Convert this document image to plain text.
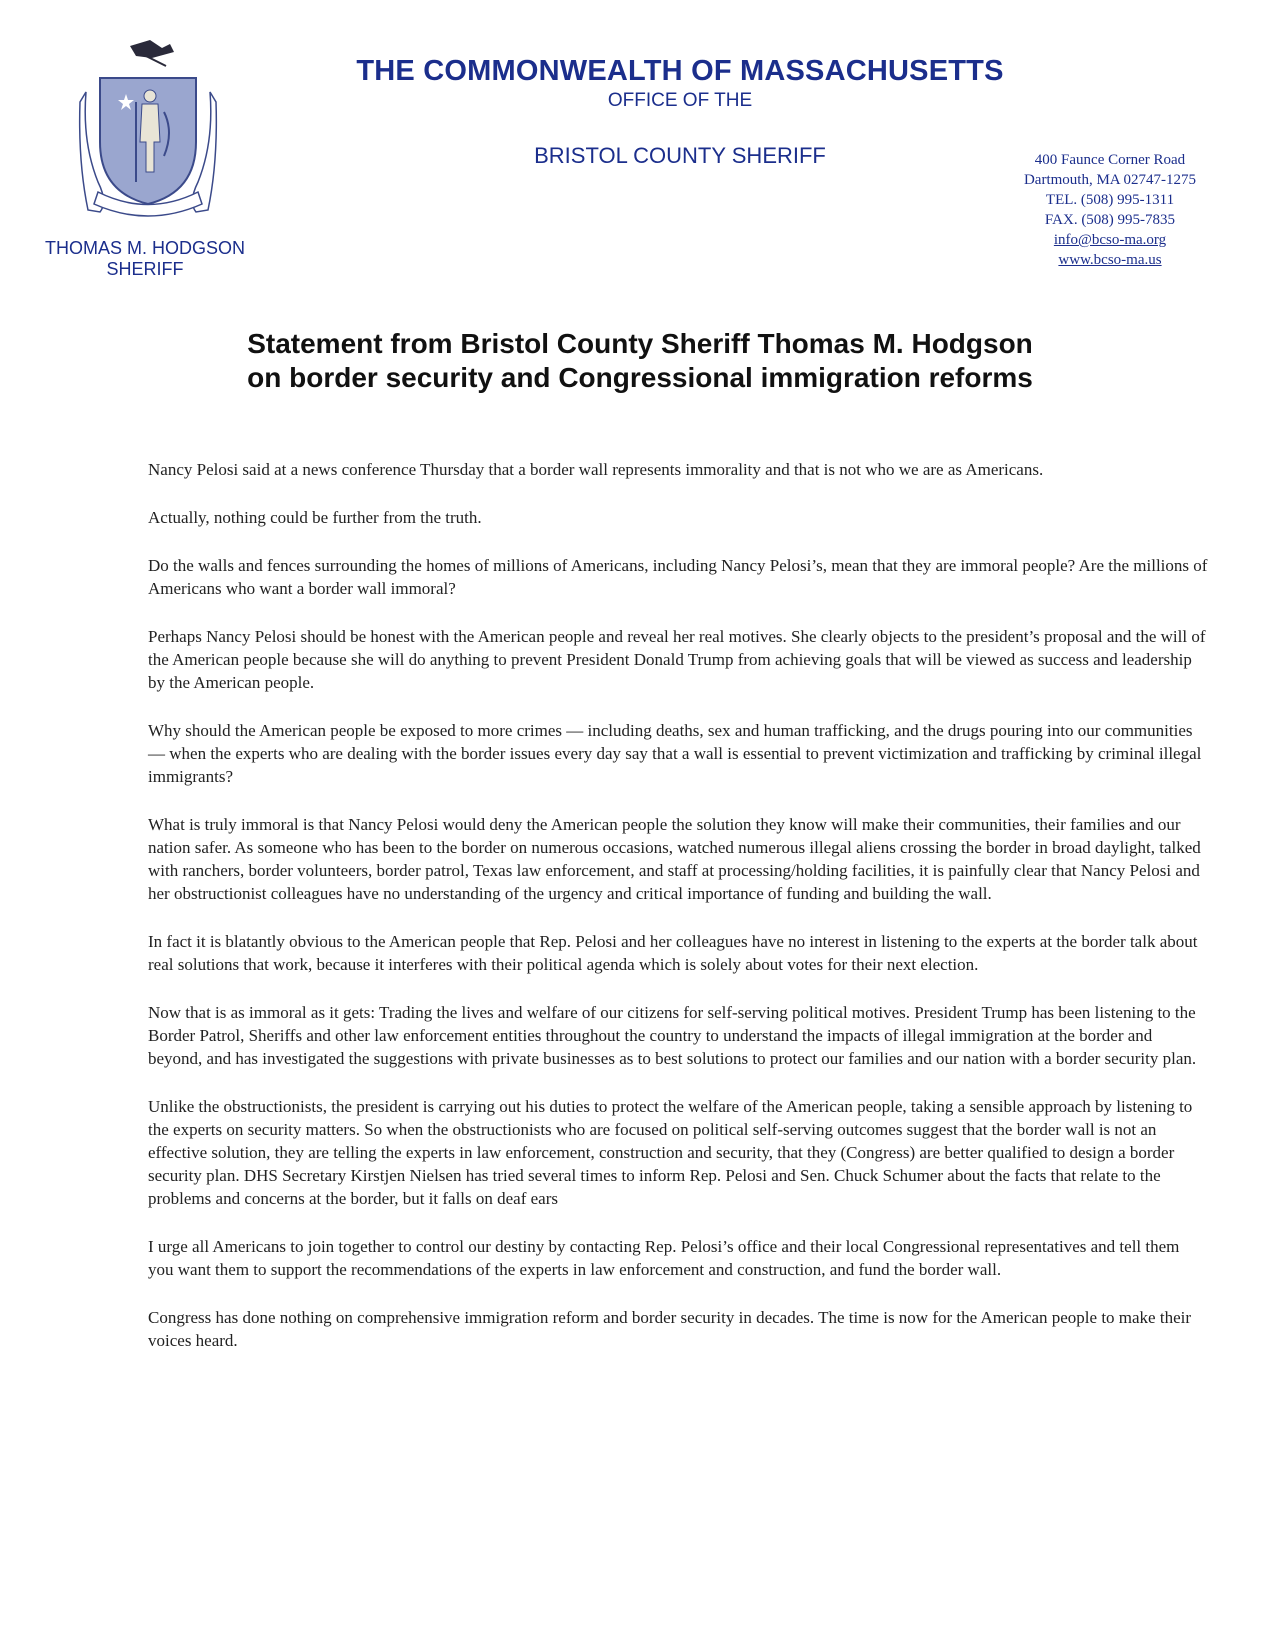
THOMAS M. HODGSON
SHERIFF
THE COMMONWEALTH OF MASSACHUSETTS
OFFICE OF THE
BRISTOL COUNTY SHERIFF	400 Faunce Corner Road
Dartmouth, MA 02747-1275
TEL. (508) 995-1311
FAX. (508) 995-7835
info@bcso-ma.org
www.bcso-ma.us
Statement from Bristol County Sheriff Thomas M. Hodgson
on border security and Congressional immigration reforms

Nancy Pelosi said at a news conference Thursday that a border wall represents immorality and that is not who we are as Americans.

Actually, nothing could be further from the truth.

Do the walls and fences surrounding the homes of millions of Americans, including Nancy Pelosi’s, mean that they are immoral people? Are the millions of Americans who want a border wall immoral?

Perhaps Nancy Pelosi should be honest with the American people and reveal her real motives. She clearly objects to the president’s proposal and the will of the American people because she will do anything to prevent President Donald Trump from achieving goals that will be viewed as success and leadership by the American people.

Why should the American people be exposed to more crimes — including deaths, sex and human trafficking, and the drugs pouring into our communities — when the experts who are dealing with the border issues every day say that a wall is essential to prevent victimization and trafficking by criminal illegal immigrants?

What is truly immoral is that Nancy Pelosi would deny the American people the solution they know will make their communities, their families and our nation safer. As someone who has been to the border on numerous occasions, watched numerous illegal aliens crossing the border in broad daylight, talked with ranchers, border volunteers, border patrol, Texas law enforcement, and staff at processing/holding facilities, it is painfully clear that Nancy Pelosi and her obstructionist colleagues have no understanding of the urgency and critical importance of funding and building the wall.

In fact it is blatantly obvious to the American people that Rep. Pelosi and her colleagues have no interest in listening to the experts at the border talk about real solutions that work, because it interferes with their political agenda which is solely about votes for their next election.

Now that is as immoral as it gets: Trading the lives and welfare of our citizens for self-serving political motives. President Trump has been listening to the Border Patrol, Sheriffs and other law enforcement entities throughout the country to understand the impacts of illegal immigration at the border and beyond, and has investigated the suggestions with private businesses as to best solutions to protect our families and our nation with a border security plan.

Unlike the obstructionists, the president is carrying out his duties to protect the welfare of the American people, taking a sensible approach by listening to the experts on security matters. So when the obstructionists who are focused on political self-serving outcomes suggest that the border wall is not an effective solution, they are telling the experts in law enforcement, construction and security, that they (Congress) are better qualified to design a border security plan. DHS Secretary Kirstjen Nielsen has tried several times to inform Rep. Pelosi and Sen. Chuck Schumer about the facts that relate to the problems and concerns at the border, but it falls on deaf ears

I urge all Americans to join together to control our destiny by contacting Rep. Pelosi’s office and their local Congressional representatives and tell them you want them to support the recommendations of the experts in law enforcement and construction, and fund the border wall.

Congress has done nothing on comprehensive immigration reform and border security in decades. The time is now for the American people to make their voices heard.
